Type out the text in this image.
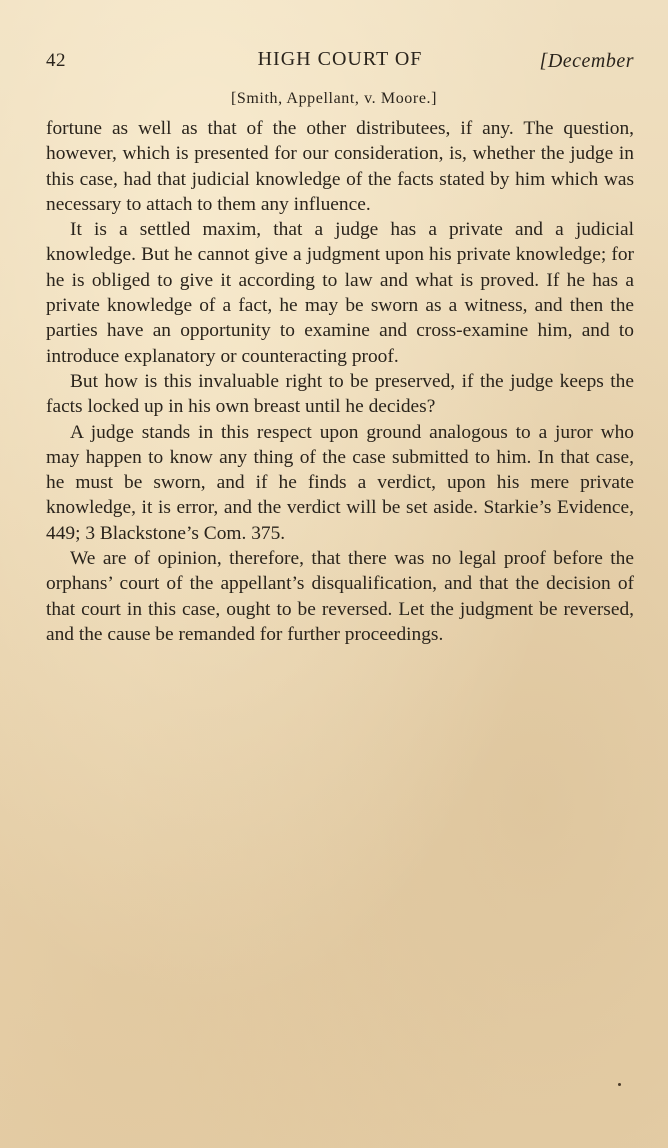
42	HIGH COURT OF	[December
[Smith, Appellant, v. Moore.]

fortune as well as that of the other distributees, if any. The question, however, which is presented for our consideration, is, whether the judge in this case, had that judicial knowledge of the facts stated by him which was necessary to attach to them any influence.

It is a settled maxim, that a judge has a private and a judicial knowledge. But he cannot give a judgment upon his private knowledge; for he is obliged to give it according to law and what is proved. If he has a private knowledge of a fact, he may be sworn as a witness, and then the parties have an opportunity to examine and cross-examine him, and to introduce explanatory or counteracting proof.

But how is this invaluable right to be preserved, if the judge keeps the facts locked up in his own breast until he decides?

A judge stands in this respect upon ground analogous to a juror who may happen to know any thing of the case submitted to him. In that case, he must be sworn, and if he finds a verdict, upon his mere private knowledge, it is error, and the verdict will be set aside. Starkie’s Evidence, 449; 3 Blackstone’s Com. 375.

We are of opinion, therefore, that there was no legal proof before the orphans’ court of the appellant’s disqualification, and that the decision of that court in this case, ought to be reversed. Let the judgment be reversed, and the cause be remanded for further proceedings.
